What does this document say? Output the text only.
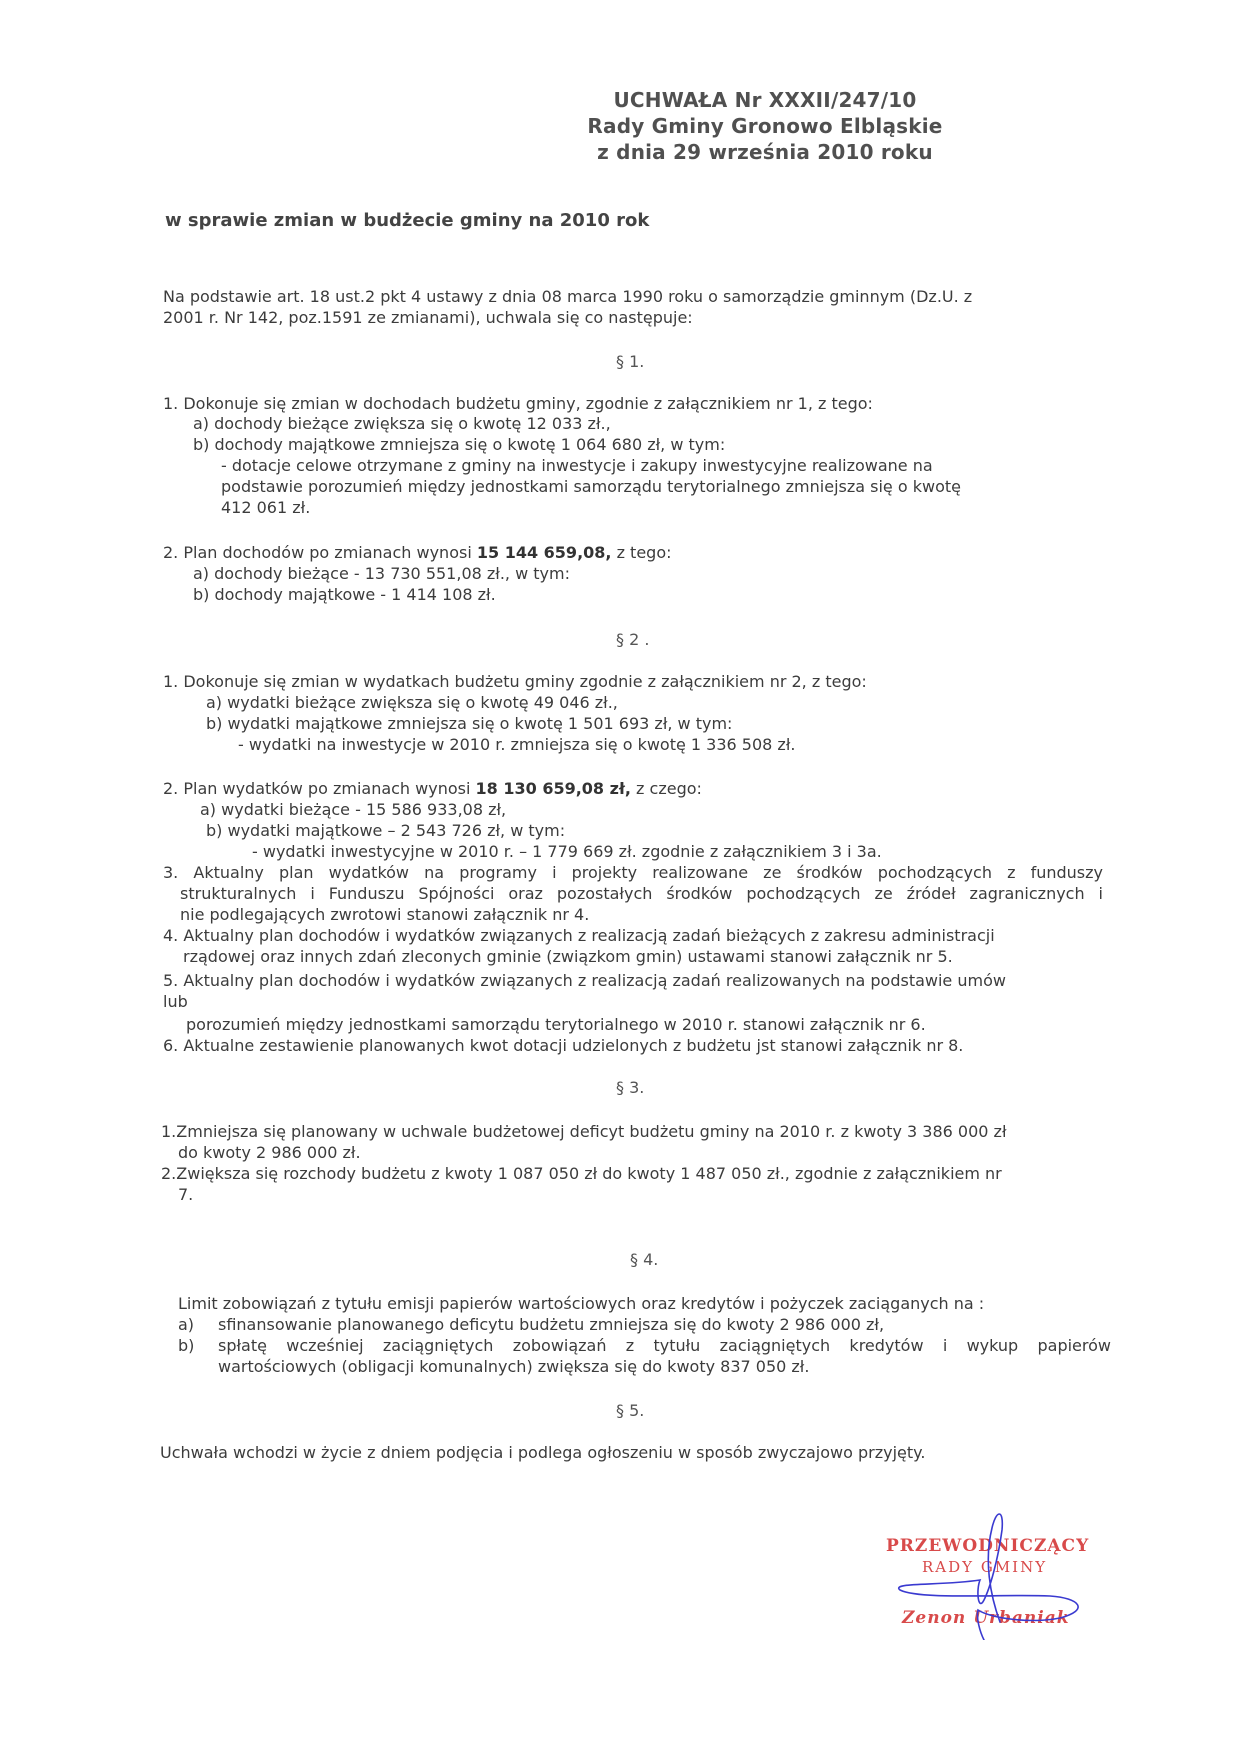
UCHWAŁA Nr XXXII/247/10
Rady Gminy Gronowo Elbląskie
z dnia 29 września 2010 roku
w sprawie zmian w budżecie gminy na 2010 rok
Na podstawie art. 18 ust.2 pkt 4 ustawy z dnia 08 marca 1990 roku o samorządzie gminnym (Dz.U. z
2001 r. Nr 142, poz.1591 ze zmianami), uchwala się co następuje:
§ 1.
1. Dokonuje się zmian w dochodach budżetu gminy, zgodnie z załącznikiem nr 1, z tego:
a) dochody bieżące zwiększa się o kwotę 12 033 zł.,
b) dochody majątkowe zmniejsza się o kwotę 1 064 680 zł, w tym:
- dotacje celowe otrzymane z gminy na inwestycje i zakupy inwestycyjne realizowane na
podstawie porozumień między jednostkami samorządu terytorialnego zmniejsza się o kwotę
412 061 zł.
2. Plan dochodów po zmianach wynosi 15 144 659,08, z tego:
a) dochody bieżące - 13 730 551,08 zł., w tym:
b) dochody majątkowe - 1 414 108 zł.
§ 2 .
1. Dokonuje się zmian w wydatkach budżetu gminy zgodnie z załącznikiem nr 2, z tego:
a) wydatki bieżące zwiększa się o kwotę 49 046 zł.,
b) wydatki majątkowe zmniejsza się o kwotę 1 501 693 zł, w tym:
- wydatki na inwestycje w 2010 r. zmniejsza się o kwotę 1 336 508 zł.
2. Plan wydatków po zmianach wynosi 18 130 659,08 zł, z czego:
a) wydatki bieżące - 15 586 933,08 zł,
b) wydatki majątkowe – 2 543 726 zł, w tym:
- wydatki inwestycyjne w 2010 r. – 1 779 669 zł. zgodnie z załącznikiem 3 i 3a.
3. Aktualny plan wydatków na programy i projekty realizowane ze środków pochodzących z funduszy
strukturalnych i Funduszu Spójności oraz pozostałych środków pochodzących ze źródeł zagranicznych i
nie podlegających zwrotowi stanowi załącznik nr 4.
4. Aktualny plan dochodów i wydatków związanych z realizacją zadań bieżących z zakresu administracji
rządowej oraz innych zdań zleconych gminie (związkom gmin) ustawami stanowi załącznik nr 5.
5. Aktualny plan dochodów i wydatków związanych z realizacją zadań realizowanych na podstawie umów
lub
porozumień między jednostkami samorządu terytorialnego w 2010 r. stanowi załącznik nr 6.
6. Aktualne zestawienie planowanych kwot dotacji udzielonych z budżetu jst stanowi załącznik nr 8.
§ 3.
1.Zmniejsza się planowany w uchwale budżetowej deficyt budżetu gminy na 2010 r. z kwoty 3 386 000 zł
do kwoty 2 986 000 zł.
2.Zwiększa się rozchody budżetu z kwoty 1 087 050 zł do kwoty 1 487 050 zł., zgodnie z załącznikiem nr
7.
§ 4.
Limit zobowiązań z tytułu emisji papierów wartościowych oraz kredytów i pożyczek zaciąganych na :
a) sfinansowanie planowanego deficytu budżetu zmniejsza się do kwoty 2 986 000 zł,
b) spłatę wcześniej zaciągniętych zobowiązań z tytułu zaciągniętych kredytów i wykup papierów
wartościowych (obligacji komunalnych) zwiększa się do kwoty 837 050 zł.
§ 5.
Uchwała wchodzi w życie z dniem podjęcia i podlega ogłoszeniu w sposób zwyczajowo przyjęty.
PRZEWODNICZĄCY
RADY GMINY
Zenon Urbaniak
